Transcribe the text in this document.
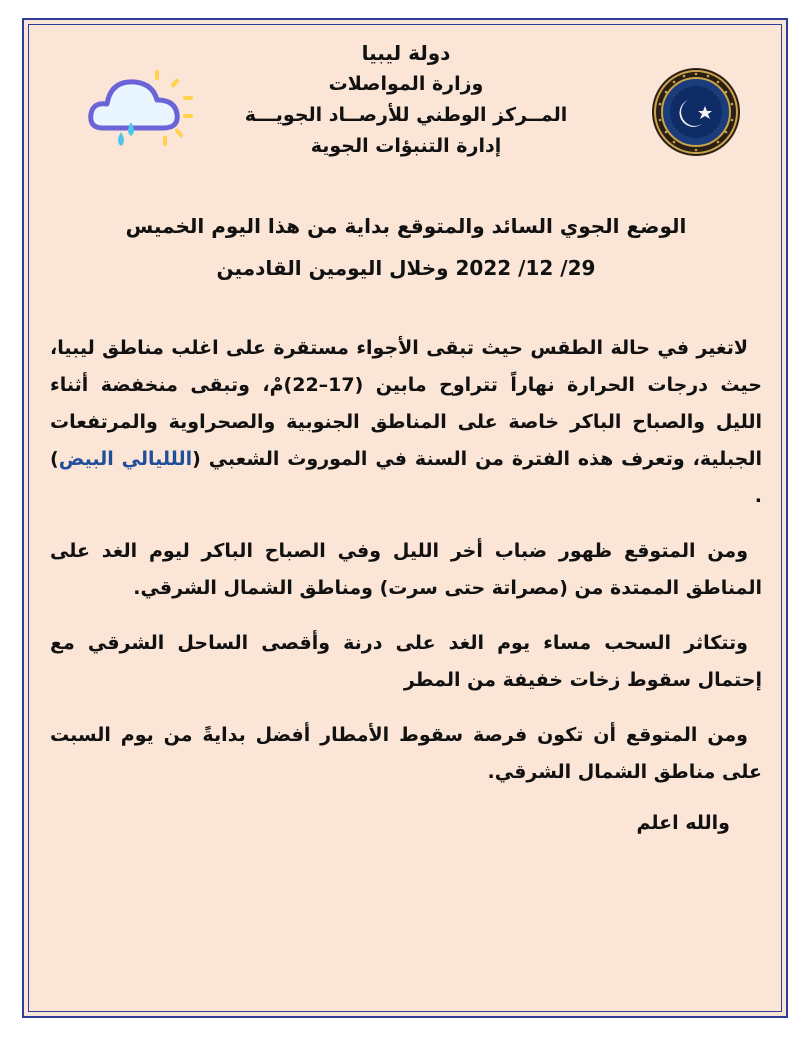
دولة ليبيا
وزارة المواصلات
المــركز الوطني للأرصــاد الجويـــة
إدارة التنبؤات الجوية
الوضع الجوي السائد والمتوقع بداية من هذا اليوم الخميس
29/ 12/ 2022 وخلال اليومين القادمين

لاتغير في حالة الطقس حيث تبقى الأجواء مستقرة على اغلب مناطق ليبيا، حيث درجات الحرارة نهاراً تتراوح مابين (17–22)مْ، وتبقى منخفضة أثناء الليل والصباح الباكر خاصة على المناطق الجنوبية والصحراوية والمرتفعات الجبلية، وتعرف هذه الفترة من السنة في الموروث الشعبي (اللليالي البيض) .

ومن المتوقع ظهور ضباب أخر الليل وفي الصباح الباكر ليوم الغد على المناطق الممتدة من (مصراتة حتى سرت) ومناطق الشمال الشرقي.

وتتكاثر السحب مساء يوم الغد على درنة وأقصى الساحل الشرقي مع إحتمال سقوط زخات خفيفة من المطر

ومن المتوقع أن تكون فرصة سقوط الأمطار أفضل بدايةً من يوم السبت على مناطق الشمال الشرقي.

والله اعلم
